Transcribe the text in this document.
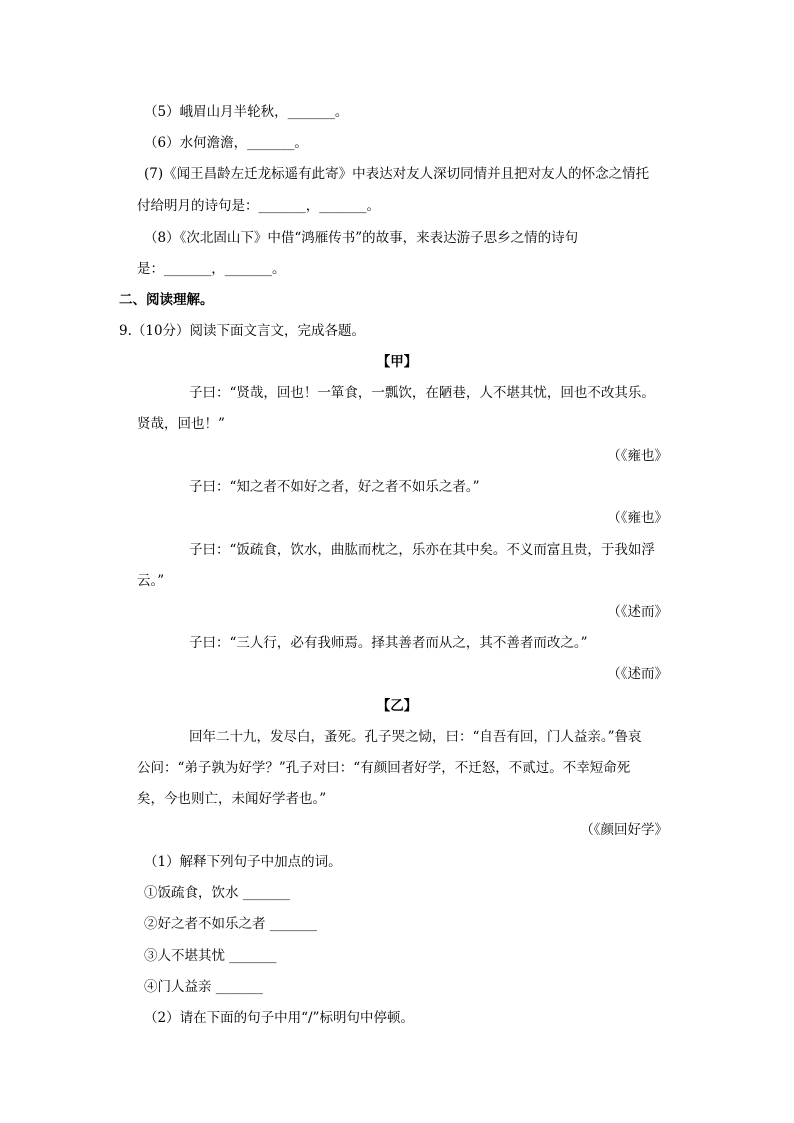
（5）峨眉山月半轮秋，_______。
（6）水何澹澹，_______。
(7)《闻王昌龄左迁龙标遥有此寄》中表达对友人深切同情并且把对友人的怀念之情托
付给明月的诗句是：_______，_______。
（8）《次北固山下》中借“鸿雁传书”的故事，来表达游子思乡之情的诗句
是：_______，_______。
二、阅读理解。
9.（10分）阅读下面文言文，完成各题。
【甲】
子曰：“贤哉，回也！一箪食，一瓢饮，在陋巷，人不堪其忧，回也不改其乐。
贤哉，回也！”
（《雍也》
子曰：“知之者不如好之者，好之者不如乐之者。”
（《雍也》
子曰：“饭疏食，饮水，曲肱而枕之，乐亦在其中矣。不义而富且贵，于我如浮
云。”
（《述而》
子曰：“三人行，必有我师焉。择其善者而从之，其不善者而改之。”
（《述而》
【乙】
回年二十九，发尽白，蚤死。孔子哭之恸，曰：“自吾有回，门人益亲。”鲁哀
公问：“弟子孰为好学？”孔子对曰：“有颜回者好学，不迁怒，不贰过。不幸短命死
矣，今也则亡，未闻好学者也。”
（《颜回好学》
（1）解释下列句子中加点的词。
①饭疏食，饮水 _______
②好之者不如乐之者 _______
③人不堪其忧 _______
④门人益亲 _______
（2）请在下面的句子中用“/”标明句中停顿。
